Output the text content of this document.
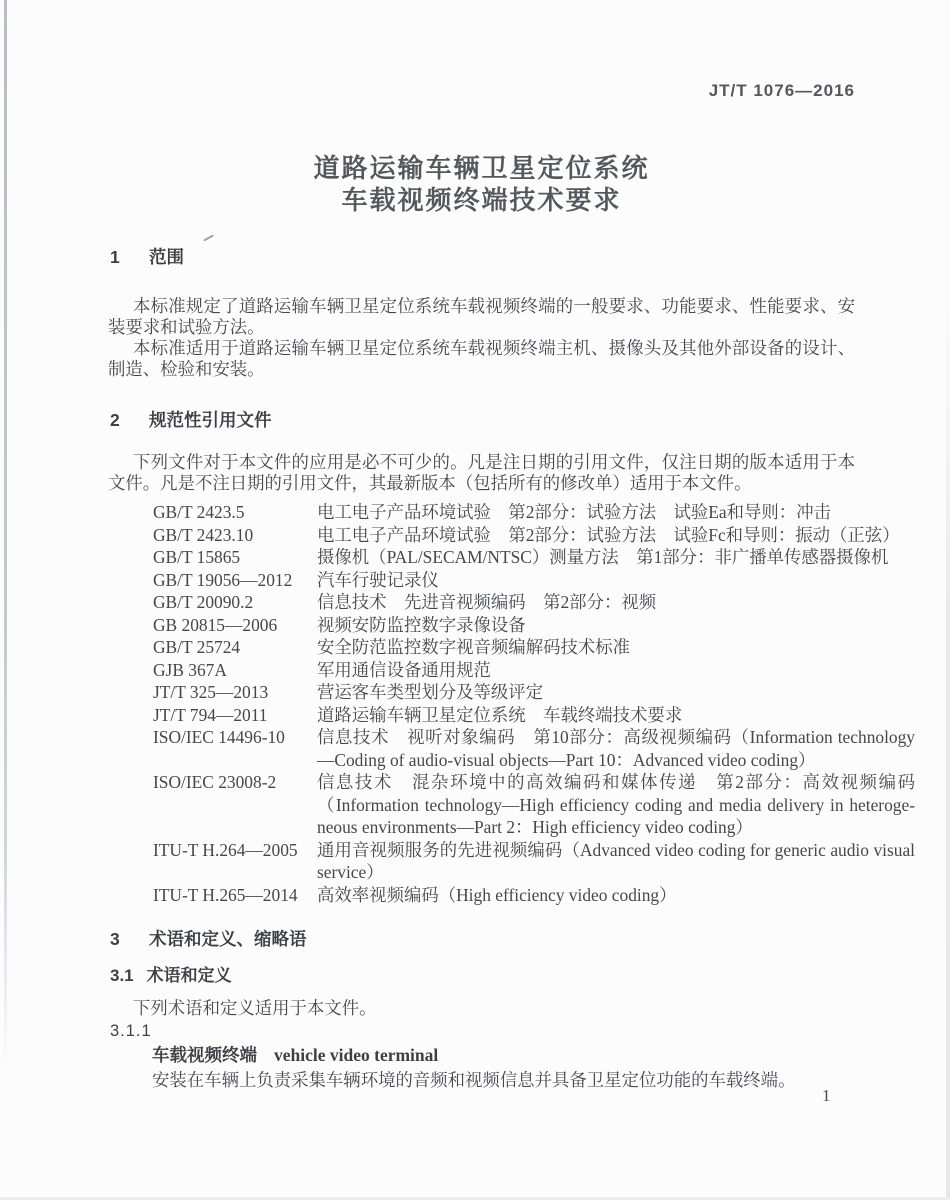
JT/T 1076—2016
道路运输车辆卫星定位系统
车载视频终端技术要求
1 范围

本标准规定了道路运输车辆卫星定位系统车载视频终端的一般要求、功能要求、性能要求、安装要求和试验方法。

本标准适用于道路运输车辆卫星定位系统车载视频终端主机、摄像头及其他外部设备的设计、制造、检验和安装。

2 规范性引用文件

下列文件对于本文件的应用是必不可少的。凡是注日期的引用文件，仅注日期的版本适用于本文件。凡是不注日期的引用文件，其最新版本（包括所有的修改单）适用于本文件。

GB/T 2423.5	电工电子产品环境试验　第2部分：试验方法　试验Ea和导则：冲击
GB/T 2423.10	电工电子产品环境试验　第2部分：试验方法　试验Fc和导则：振动（正弦）
GB/T 15865	摄像机（PAL/SECAM/NTSC）测量方法　第1部分：非广播单传感器摄像机
GB/T 19056—2012	汽车行驶记录仪
GB/T 20090.2	信息技术　先进音视频编码　第2部分：视频
GB 20815—2006	视频安防监控数字录像设备
GB/T 25724	安全防范监控数字视音频编解码技术标准
GJB 367A	军用通信设备通用规范
JT/T 325—2013	营运客车类型划分及等级评定
JT/T 794—2011	道路运输车辆卫星定位系统　车载终端技术要求
ISO/IEC 14496-10	信息技术　视听对象编码　第10部分：高级视频编码（Information technology—Coding of audio-visual objects—Part 10：Advanced video coding）
ISO/IEC 23008-2	信息技术　混杂环境中的高效编码和媒体传递　第2部分：高效视频编码（Information technology—High efficiency coding and media delivery in heterogeneous environments—Part 2：High efficiency video coding）
ITU-T H.264—2005	通用音视频服务的先进视频编码（Advanced video coding for generic audio visual service）
ITU-T H.265—2014	高效率视频编码（High efficiency video coding）
3 术语和定义、缩略语
3.1 术语和定义

下列术语和定义适用于本文件。

3.1.1
车载视频终端 vehicle video terminal

安装在车辆上负责采集车辆环境的音频和视频信息并具备卫星定位功能的车载终端。

1
